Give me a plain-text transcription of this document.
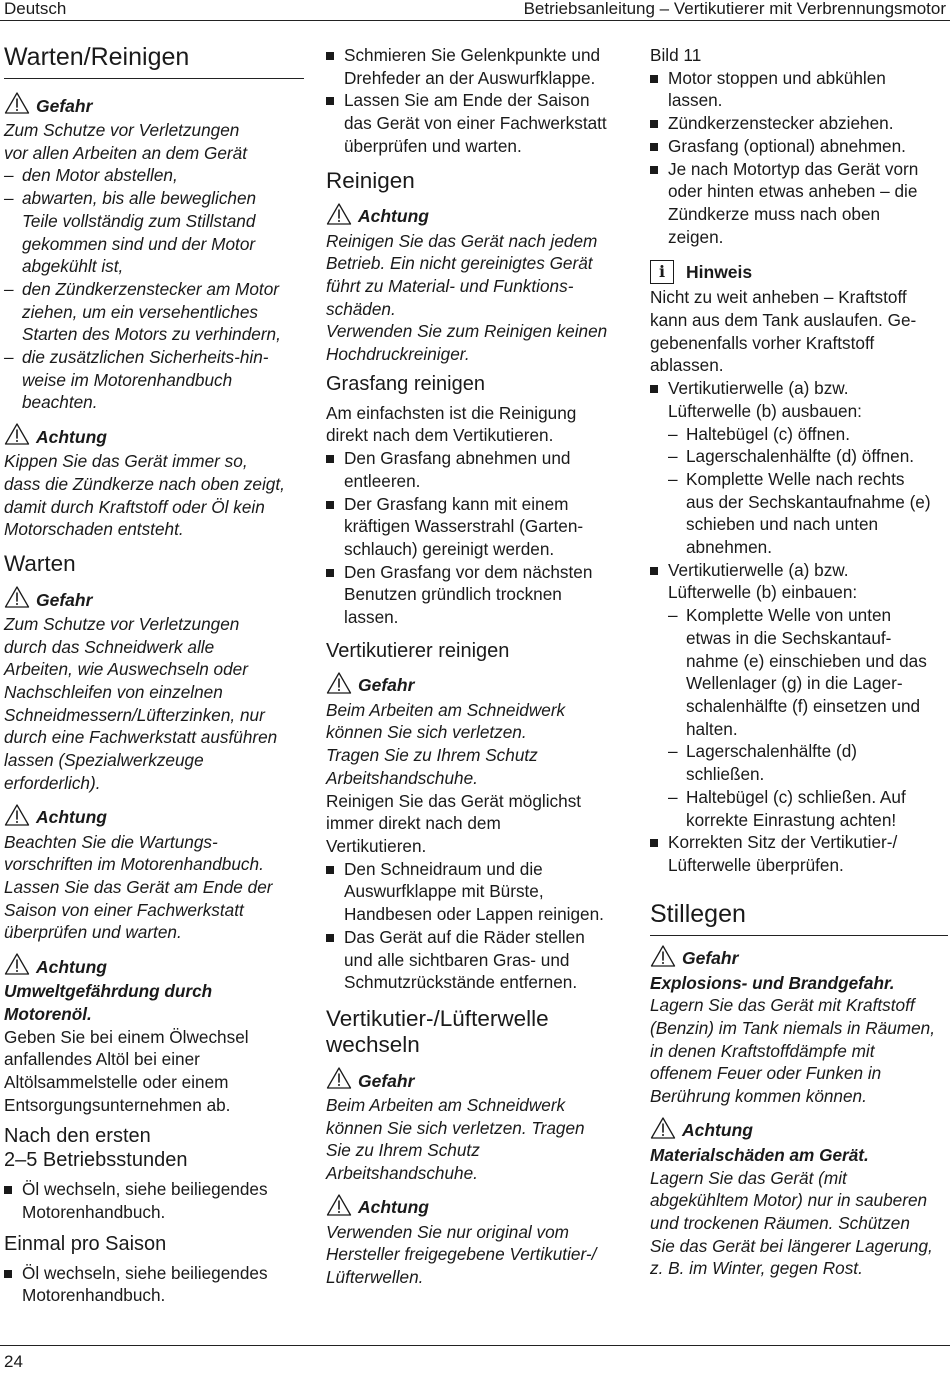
Deutsch	Betriebsanleitung – Vertikutierer mit Verbrennungsmotor
Warten/Reinigen
Gefahr
Zum Schutze vor Verletzungen
vor allen Arbeiten an dem Gerät
– den Motor abstellen,
– abwarten, bis alle beweglichen
Teile vollständig zum Stillstand
gekommen sind und der Motor
abgekühlt ist,
– den Zündkerzenstecker am Motor
ziehen, um ein versehentliches
Starten des Motors zu verhindern,
– die zusätzlichen Sicherheits-hin-
weise im Motorenhandbuch
beachten.
Achtung
Kippen Sie das Gerät immer so,
dass die Zündkerze nach oben zeigt,
damit durch Kraftstoff oder Öl kein
Motorschaden entsteht.
Warten
Gefahr
Zum Schutze vor Verletzungen
durch das Schneidwerk alle
Arbeiten, wie Auswechseln oder
Nachschleifen von einzelnen
Schneidmessern/Lüfterzinken, nur
durch eine Fachwerkstatt ausführen
lassen (Spezialwerkzeuge
erforderlich).
Achtung
Beachten Sie die Wartungs-
vorschriften im Motorenhandbuch.
Lassen Sie das Gerät am Ende der
Saison von einer Fachwerkstatt
überprüfen und warten.
Achtung
Umweltgefährdung durch
Motorenöl.
Geben Sie bei einem Ölwechsel
anfallendes Altöl bei einer
Altölsammelstelle oder einem
Entsorgungsunternehmen ab.
Nach den ersten
2–5 Betriebsstunden
Öl wechseln, siehe beiliegendes
Motorenhandbuch.
Einmal pro Saison
Öl wechseln, siehe beiliegendes
Motorenhandbuch.
Schmieren Sie Gelenkpunkte und
Drehfeder an der Auswurfklappe.
Lassen Sie am Ende der Saison
das Gerät von einer Fachwerkstatt
überprüfen und warten.
Reinigen
Achtung
Reinigen Sie das Gerät nach jedem
Betrieb. Ein nicht gereinigtes Gerät
führt zu Material- und Funktions-
schäden.
Verwenden Sie zum Reinigen keinen
Hochdruckreiniger.
Grasfang reinigen
Am einfachsten ist die Reinigung
direkt nach dem Vertikutieren.
Den Grasfang abnehmen und
entleeren.
Der Grasfang kann mit einem
kräftigen Wasserstrahl (Garten-
schlauch) gereinigt werden.
Den Grasfang vor dem nächsten
Benutzen gründlich trocknen
lassen.
Vertikutierer reinigen
Gefahr
Beim Arbeiten am Schneidwerk
können Sie sich verletzen.
Tragen Sie zu Ihrem Schutz
Arbeitshandschuhe.
Reinigen Sie das Gerät möglichst
immer direkt nach dem
Vertikutieren.
Den Schneidraum und die
Auswurfklappe mit Bürste,
Handbesen oder Lappen reinigen.
Das Gerät auf die Räder stellen
und alle sichtbaren Gras- und
Schmutzrückstände entfernen.
Vertikutier-/Lüfterwelle
wechseln
Gefahr
Beim Arbeiten am Schneidwerk
können Sie sich verletzen. Tragen
Sie zu Ihrem Schutz
Arbeitshandschuhe.
Achtung
Verwenden Sie nur original vom
Hersteller freigegebene Vertikutier-/
Lüfterwellen.
Bild 11
Motor stoppen und abkühlen
lassen.
Zündkerzenstecker abziehen.
Grasfang (optional) abnehmen.
Je nach Motortyp das Gerät vorn
oder hinten etwas anheben – die
Zündkerze muss nach oben
zeigen.
i	Hinweis
Nicht zu weit anheben – Kraftstoff
kann aus dem Tank auslaufen. Ge-
gebenenfalls vorher Kraftstoff
ablassen.
Vertikutierwelle (a) bzw.
Lüfterwelle (b) ausbauen:
– Haltebügel (c) öffnen.
– Lagerschalenhälfte (d) öffnen.
– Komplette Welle nach rechts
aus der Sechskantaufnahme (e)
schieben und nach unten
abnehmen.
Vertikutierwelle (a) bzw.
Lüfterwelle (b) einbauen:
– Komplette Welle von unten
etwas in die Sechskantauf-
nahme (e) einschieben und das
Wellenlager (g) in die Lager-
schalenhälfte (f) einsetzen und
halten.
– Lagerschalenhälfte (d)
schließen.
– Haltebügel (c) schließen. Auf
korrekte Einrastung achten!
Korrekten Sitz der Vertikutier-/
Lüfterwelle überprüfen.
Stillegen
Gefahr
Explosions- und Brandgefahr.
Lagern Sie das Gerät mit Kraftstoff
(Benzin) im Tank niemals in Räumen,
in denen Kraftstoffdämpfe mit
offenem Feuer oder Funken in
Berührung kommen können.
Achtung
Materialschäden am Gerät.
Lagern Sie das Gerät (mit
abgekühltem Motor) nur in sauberen
und trockenen Räumen. Schützen
Sie das Gerät bei längerer Lagerung,
z. B. im Winter, gegen Rost.
24
